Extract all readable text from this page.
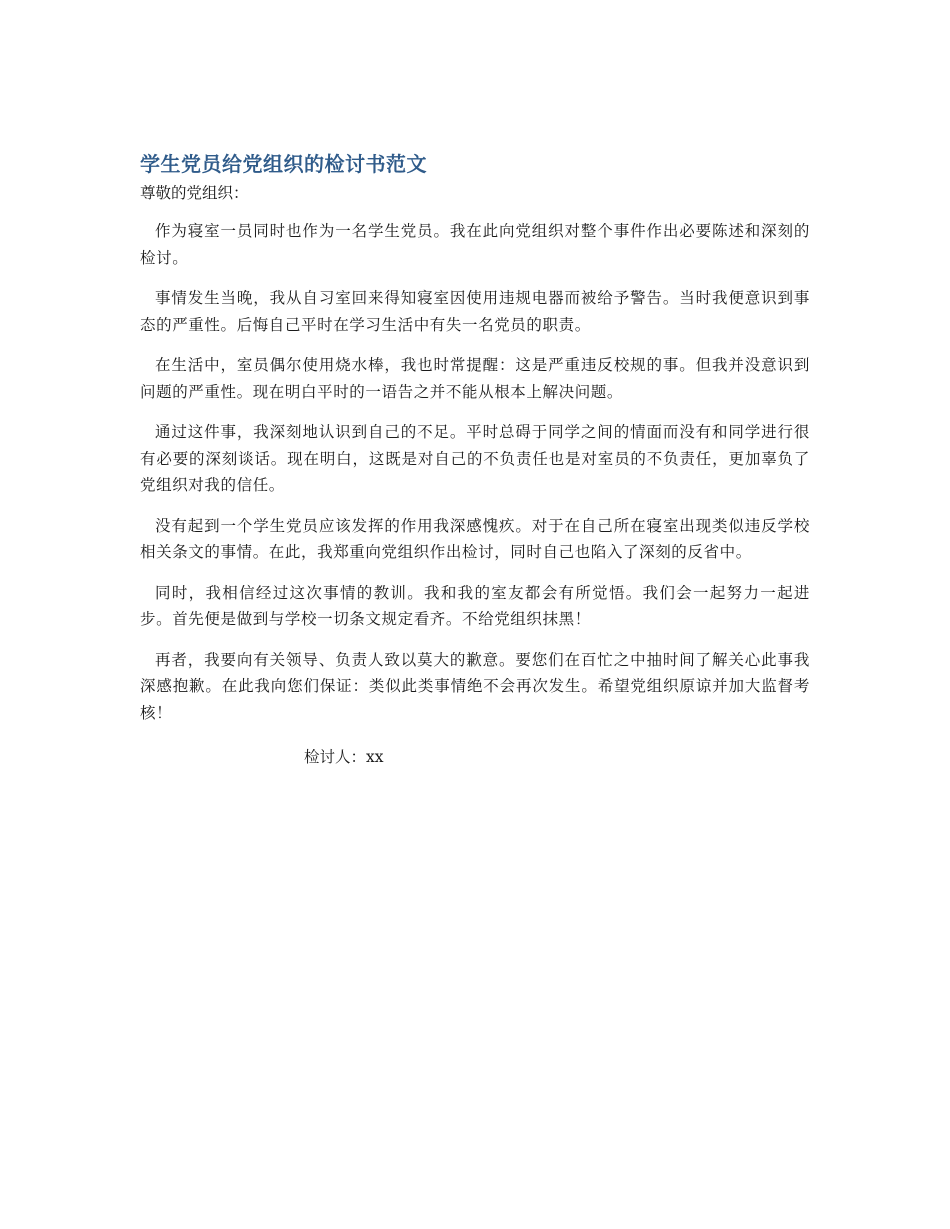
学生党员给党组织的检讨书范文

尊敬的党组织：

作为寝室一员同时也作为一名学生党员。我在此向党组织对整个事件作出必要陈述和深刻的检讨。

事情发生当晚，我从自习室回来得知寝室因使用违规电器而被给予警告。当时我便意识到事态的严重性。后悔自己平时在学习生活中有失一名党员的职责。

在生活中，室员偶尔使用烧水棒，我也时常提醒：这是严重违反校规的事。但我并没意识到问题的严重性。现在明白平时的一语告之并不能从根本上解决问题。

通过这件事，我深刻地认识到自己的不足。平时总碍于同学之间的情面而没有和同学进行很有必要的深刻谈话。现在明白，这既是对自己的不负责任也是对室员的不负责任，更加辜负了党组织对我的信任。

没有起到一个学生党员应该发挥的作用我深感愧疚。对于在自己所在寝室出现类似违反学校相关条文的事情。在此，我郑重向党组织作出检讨，同时自己也陷入了深刻的反省中。

同时，我相信经过这次事情的教训。我和我的室友都会有所觉悟。我们会一起努力一起进步。首先便是做到与学校一切条文规定看齐。不给党组织抹黑！

再者，我要向有关领导、负责人致以莫大的歉意。要您们在百忙之中抽时间了解关心此事我深感抱歉。在此我向您们保证：类似此类事情绝不会再次发生。希望党组织原谅并加大监督考核！

检讨人：xx
